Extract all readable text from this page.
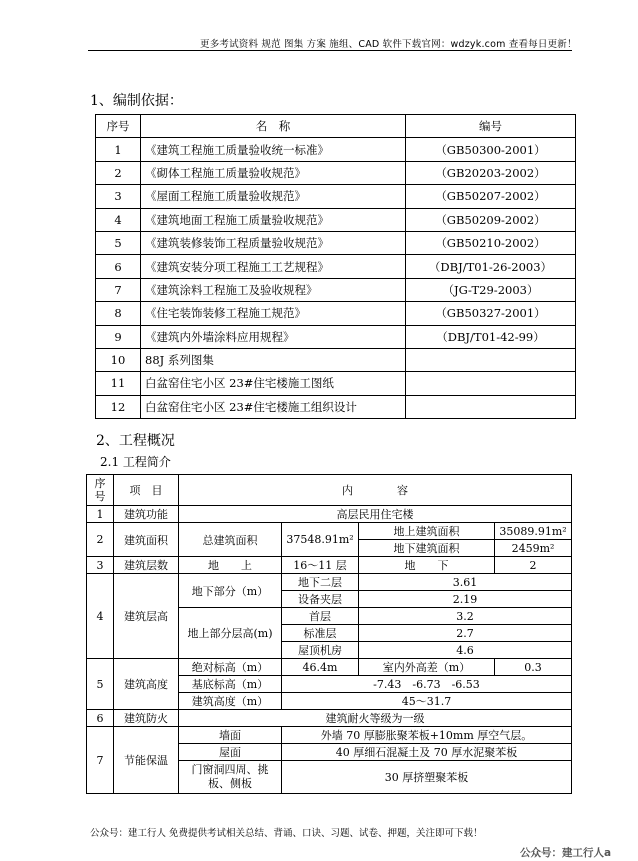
更多考试资料 规范 图集 方案 施组、CAD 软件下载官网：wdzyk.com 查看每日更新！
1、编制依据：
序号	名　称	编号
1	《建筑工程施工质量验收统一标准》	（GB50300-2001）
2	《砌体工程施工质量验收规范》	（GB20203-2002）
3	《屋面工程施工质量验收规范》	（GB50207-2002）
4	《建筑地面工程施工质量验收规范》	（GB50209-2002）
5	《建筑装修装饰工程质量验收规范》	（GB50210-2002）
6	《建筑安装分项工程施工工艺规程》	（DBJ/T01-26-2003）
7	《建筑涂料工程施工及验收规程》	（JG-T29-2003）
8	《住宅装饰装修工程施工规范》	（GB50327-2001）
9	《建筑内外墙涂料应用规程》	（DBJ/T01-42-99）
10	88J 系列图集	
11	白盆窑住宅小区 23#住宅楼施工图纸	
12	白盆窑住宅小区 23#住宅楼施工组织设计	
2、工程概况
2.1 工程简介
序号	项　目	内　　　　容			
1	建筑功能	高层民用住宅楼			
2	建筑面积	总建筑面积	37548.91m²	地上建筑面积	35089.91m²
				地下建筑面积	2459m²
3	建筑层数	地　　上	16～11 层	地　　下	2
4	建筑层高	地下部分（m）	地下二层	3.61	
			设备夹层	2.19	
		地上部分层高(m)	首层	3.2	
			标准层	2.7	
			屋顶机房	4.6	
5	建筑高度	绝对标高（m）	46.4m	室内外高差（m）	0.3
		基底标高（m）	-7.43　-6.73　-6.53		
		建筑高度（m）	45～31.7		
6	建筑防火	建筑耐火等级为一级			
7	节能保温	墙面	外墙 70 厚膨胀聚苯板+10mm 厚空气层。		
		屋面	40 厚细石混凝土及 70 厚水泥聚苯板		
		门窗洞四周、挑板、侧板	30 厚挤塑聚苯板		
公众号：建工行人 免费提供考试相关总结、背诵、口诀、习题、试卷、押题，关注即可下载！
公众号：建工行人a
